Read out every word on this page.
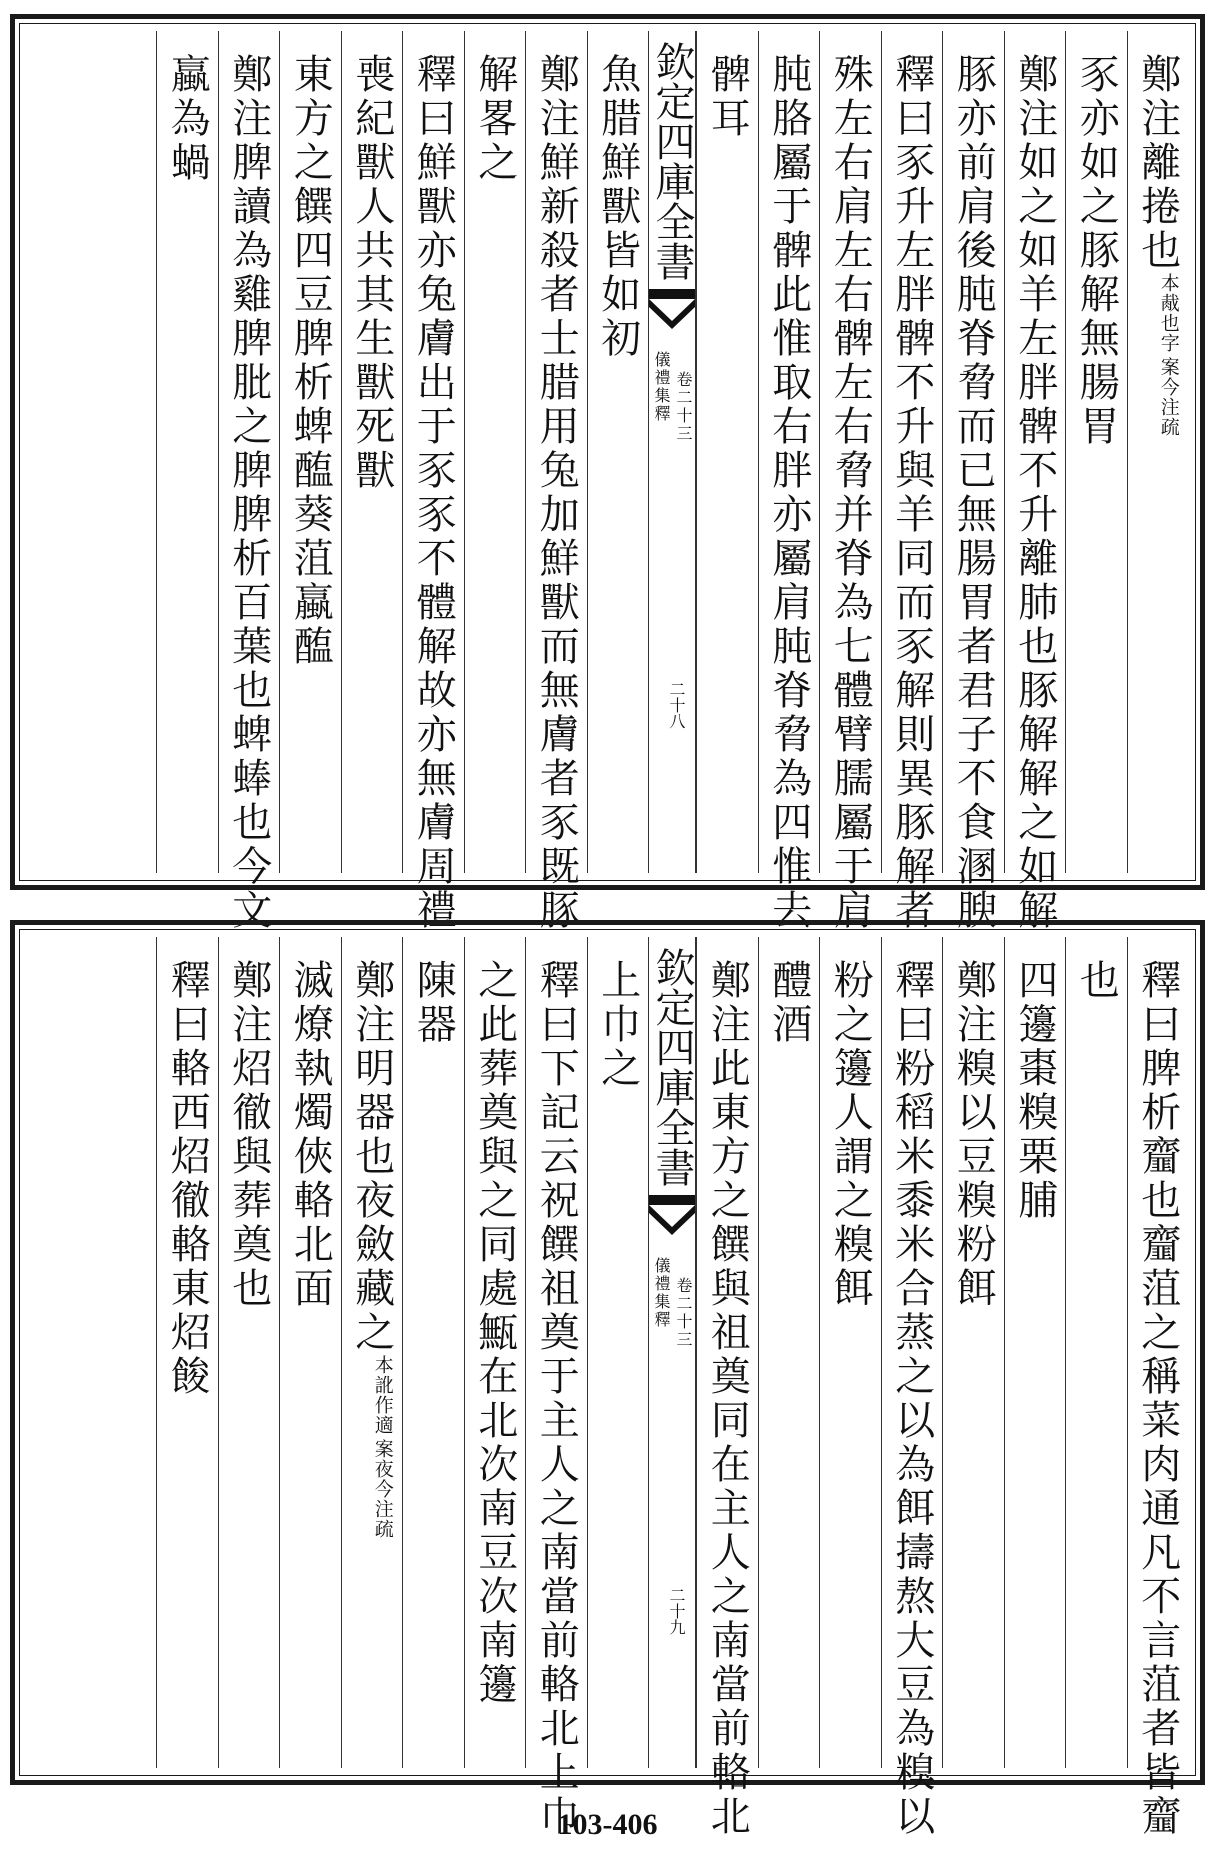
鄭注離捲也
案今注疏
本胾也字
豕亦如之豚解無腸胃
鄭注如之如羊左胖髀不升離肺也豚解解之如解
豚亦前肩後肫脊脅而已無腸胃者君子不食溷腴
釋曰豕升左胖髀不升與羊同而豕解則異豚解者
殊左右肩左右髀左右脅并脊為七體臂臑屬于肩
肫胳屬于髀此惟取右胖亦屬肩肫脊脅為四惟去
髀耳
欽定四庫全書
儀禮集釋 卷二十三
二十八
魚腊鮮獸皆如初
鄭注鮮新殺者士腊用兔加鮮獸而無膚者豕既豚
解畧之
釋曰鮮獸亦兔膚出于豕豕不體解故亦無膚周禮
喪紀獸人共其生獸死獸
東方之饌四豆脾析蜱醢葵菹蠃醢
鄭注脾讀為雞脾肶之脾脾析百葉也蜱蜯也今文
蠃為蝸
釋曰脾析齏也齏菹之稱菜肉通凡不言菹者皆齏
也
四籩棗糗栗脯
鄭注糗以豆糗粉餌
釋曰粉稻米黍米合蒸之以為餌擣熬大豆為糗以
粉之籩人謂之糗餌
醴酒
鄭注此東方之饌與祖奠同在主人之南當前輅北
欽定四庫全書
儀禮集釋 卷二十三
二十九
上巾之
釋曰下記云祝饌祖奠于主人之南當前輅北上巾
之此葬奠與之同處甒在北次南豆次南籩
陳器
鄭注明器也夜斂藏之
案夜今注疏
本訛作適
滅燎執燭俠輅北面
鄭注炤徹與葬奠也
釋曰輅西炤徹輅東炤餕
103-406
